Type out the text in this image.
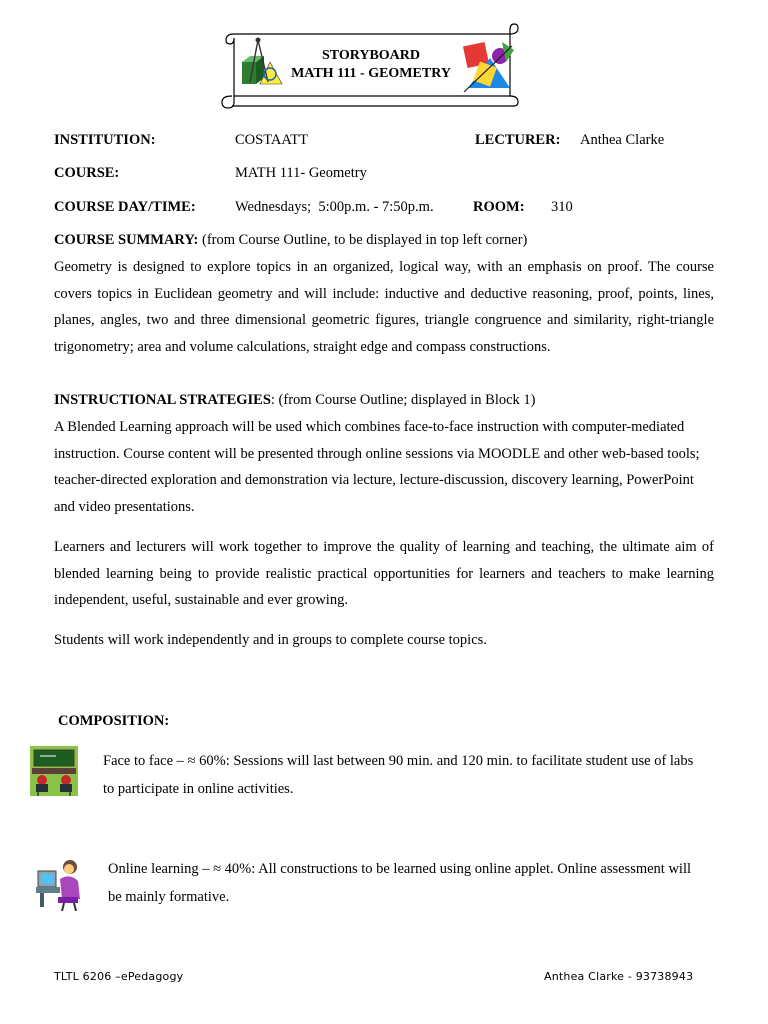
STORYBOARD
MATH 111 - GEOMETRY
INSTITUTION:	COSTAATT	LECTURER: Anthea Clarke
COURSE:	MATH 111- Geometry
COURSE DAY/TIME:	Wednesdays;  5:00p.m. - 7:50p.m.	ROOM: 310
COURSE SUMMARY: (from Course Outline, to be displayed in top left corner)
Geometry is designed to explore topics in an organized, logical way, with an emphasis on proof. The course covers topics in Euclidean geometry and will include: inductive and deductive reasoning, proof, points, lines, planes, angles, two and three dimensional geometric figures, triangle congruence and similarity, right-triangle trigonometry; area and volume calculations, straight edge and compass constructions.
INSTRUCTIONAL STRATEGIES: (from Course Outline; displayed in Block 1)
A Blended Learning approach will be used which combines face-to-face instruction with computer-mediated instruction. Course content will be presented through online sessions via MOODLE and other web-based tools; teacher-directed exploration and demonstration via lecture, lecture-discussion, discovery learning, PowerPoint and video presentations.
Learners and lecturers will work together to improve the quality of learning and teaching, the ultimate aim of blended learning being to provide realistic practical opportunities for learners and teachers to make learning independent, useful, sustainable and ever growing.
Students will work independently and in groups to complete course topics.
COMPOSITION:
Face to face – ≈ 60%: Sessions will last between 90 min. and 120 min. to facilitate student use of labs to participate in online activities.
Online learning – ≈ 40%: All constructions to be learned using online applet. Online assessment will be mainly formative.
TLTL 6206 –ePedagogy	Anthea Clarke - 93738943
